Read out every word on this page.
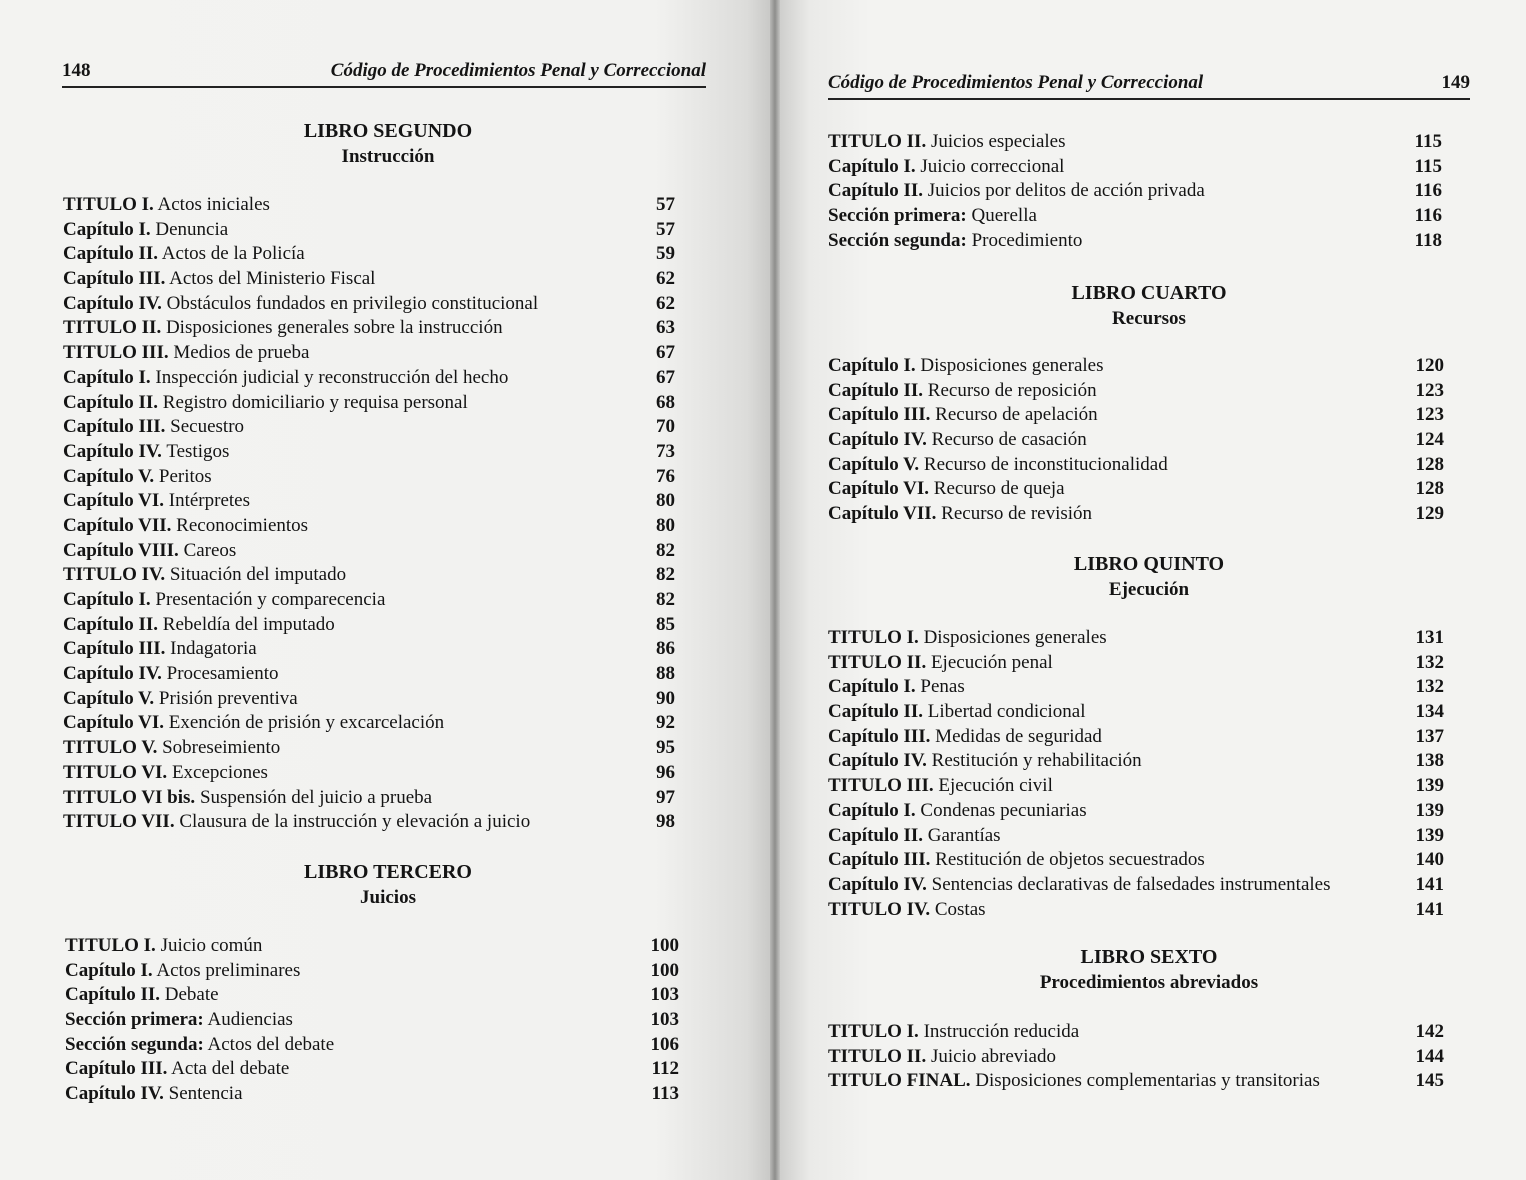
148	Código de Procedimientos Penal y Correccional
LIBRO SEGUNDO
Instrucción
TITULO I. Actos iniciales	57
Capítulo I. Denuncia	57
Capítulo II. Actos de la Policía	59
Capítulo III. Actos del Ministerio Fiscal	62
Capítulo IV. Obstáculos fundados en privilegio constitucional	62
TITULO II. Disposiciones generales sobre la instrucción	63
TITULO III. Medios de prueba	67
Capítulo I. Inspección judicial y reconstrucción del hecho	67
Capítulo II. Registro domiciliario y requisa personal	68
Capítulo III. Secuestro	70
Capítulo IV. Testigos	73
Capítulo V. Peritos	76
Capítulo VI. Intérpretes	80
Capítulo VII. Reconocimientos	80
Capítulo VIII. Careos	82
TITULO IV. Situación del imputado	82
Capítulo I. Presentación y comparecencia	82
Capítulo II. Rebeldía del imputado	85
Capítulo III. Indagatoria	86
Capítulo IV. Procesamiento	88
Capítulo V. Prisión preventiva	90
Capítulo VI. Exención de prisión y excarcelación	92
TITULO V. Sobreseimiento	95
TITULO VI. Excepciones	96
TITULO VI bis. Suspensión del juicio a prueba	97
TITULO VII. Clausura de la instrucción y elevación a juicio	98
LIBRO TERCERO
Juicios
TITULO I. Juicio común	100
Capítulo I. Actos preliminares	100
Capítulo II. Debate	103
Sección primera: Audiencias	103
Sección segunda: Actos del debate	106
Capítulo III. Acta del debate	112
Capítulo IV. Sentencia	113
Código de Procedimientos Penal y Correccional	149
TITULO II. Juicios especiales	115
Capítulo I. Juicio correccional	115
Capítulo II. Juicios por delitos de acción privada	116
Sección primera: Querella	116
Sección segunda: Procedimiento	118
LIBRO CUARTO
Recursos
Capítulo I. Disposiciones generales	120
Capítulo II. Recurso de reposición	123
Capítulo III. Recurso de apelación	123
Capítulo IV. Recurso de casación	124
Capítulo V. Recurso de inconstitucionalidad	128
Capítulo VI. Recurso de queja	128
Capítulo VII. Recurso de revisión	129
LIBRO QUINTO
Ejecución
TITULO I. Disposiciones generales	131
TITULO II. Ejecución penal	132
Capítulo I. Penas	132
Capítulo II. Libertad condicional	134
Capítulo III. Medidas de seguridad	137
Capítulo IV. Restitución y rehabilitación	138
TITULO III. Ejecución civil	139
Capítulo I. Condenas pecuniarias	139
Capítulo II. Garantías	139
Capítulo III. Restitución de objetos secuestrados	140
Capítulo IV. Sentencias declarativas de falsedades instrumentales	141
TITULO IV. Costas	141
LIBRO SEXTO
Procedimientos abreviados
TITULO I. Instrucción reducida	142
TITULO II. Juicio abreviado	144
TITULO FINAL. Disposiciones complementarias y transitorias	145
